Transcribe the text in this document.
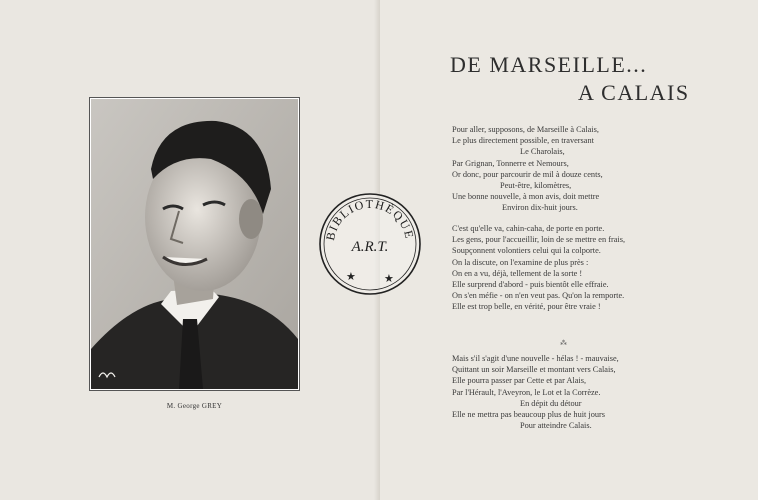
M. George GREY
DE MARSEILLE...
A CALAIS
Pour aller, supposons, de Marseille à Calais,
Le plus directement possible, en traversant
Le Charolais,
Par Grignan, Tonnerre et Nemours,
Or donc, pour parcourir de mil à douze cents,
Peut-être, kilomètres,
Une bonne nouvelle, à mon avis, doit mettre
Environ dix-huit jours.
C'est qu'elle va, cahin-caha, de porte en porte.
Les gens, pour l'accueillir, loin de se mettre en frais,
Soupçonnent volontiers celui qui la colporte.
On la discute, on l'examine de plus près :
On en a vu, déjà, tellement de la sorte !
Elle surprend d'abord - puis bientôt elle effraie.
On s'en méfie - on n'en veut pas. Qu'on la remporte.
Elle est trop belle, en vérité, pour être vraie !
⁂
Mais s'il s'agit d'une nouvelle - hélas ! - mauvaise,
Quittant un soir Marseille et montant vers Calais,
Elle pourra passer par Cette et par Alais,
Par l'Hérault, l'Aveyron, le Lot et la Corrèze.
En dépit du détour
Elle ne mettra pas beaucoup plus de huit jours
Pour atteindre Calais.
BIBLIOTHÈQUE
A.R.T.
★	★
